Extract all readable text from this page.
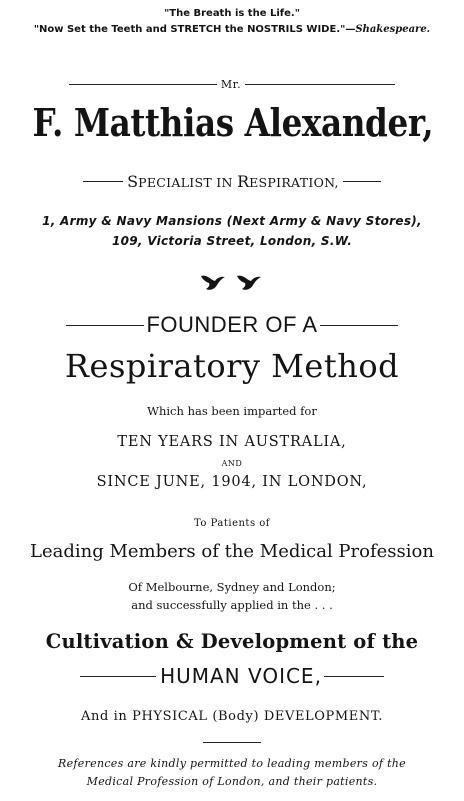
"The Breath is the Life."
"Now Set the Teeth and STRETCH the NOSTRILS WIDE."—Shakespeare.
Mr.
F. Matthias Alexander,
SPECIALIST IN RESPIRATION,
1, Army & Navy Mansions (Next Army & Navy Stores),
109, Victoria Street, London, S.W.
FOUNDER OF A
Respiratory Method
Which has been imparted for
TEN YEARS IN AUSTRALIA,
AND
SINCE JUNE, 1904, IN LONDON,
To Patients of
Leading Members of the Medical Profession
Of Melbourne, Sydney and London;
and successfully applied in the . . .
Cultivation & Development of the
HUMAN VOICE,
And in PHYSICAL (Body) DEVELOPMENT.
References are kindly permitted to leading members of the
Medical Profession of London, and their patients.
